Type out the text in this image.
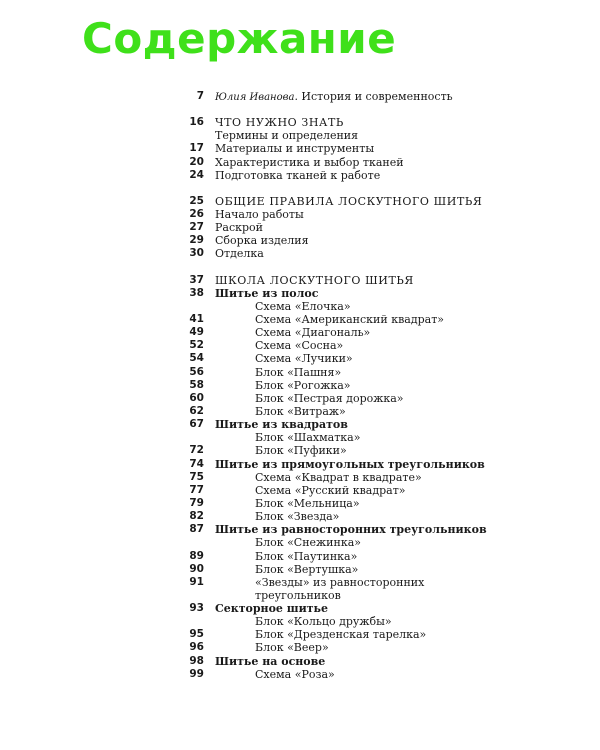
Содержание
7 Юлия Иванова. История и современность
16 ЧТО НУЖНО ЗНАТЬ
Термины и определения
17 Материалы и инструменты
20 Характеристика и выбор тканей
24 Подготовка тканей к работе
25 ОБЩИЕ ПРАВИЛА ЛОСКУТНОГО ШИТЬЯ
26 Начало работы
27 Раскрой
29 Сборка изделия
30 Отделка
37 ШКОЛА ЛОСКУТНОГО ШИТЬЯ
38 Шитье из полос
Схема «Елочка»
41	Схема «Американский квадрат»
49	Схема «Диагональ»
52	Схема «Сосна»
54	Схема «Лучики»
56	Блок «Пашня»
58	Блок «Рогожка»
60	Блок «Пестрая дорожка»
62	Блок «Витраж»
67 Шитье из квадратов
Блок «Шахматка»
72	Блок «Пуфики»
74 Шитье из прямоугольных треугольников
75	Схема «Квадрат в квадрате»
77	Схема «Русский квадрат»
79	Блок «Мельница»
82	Блок «Звезда»
87 Шитье из равносторонних треугольников
Блок «Снежинка»
89	Блок «Паутинка»
90	Блок «Вертушка»
91	«Звезды» из равносторонних
треугольников
93 Секторное шитье
Блок «Кольцо дружбы»
95	Блок «Дрезденская тарелка»
96	Блок «Веер»
98 Шитье на основе
99	Схема «Роза»
